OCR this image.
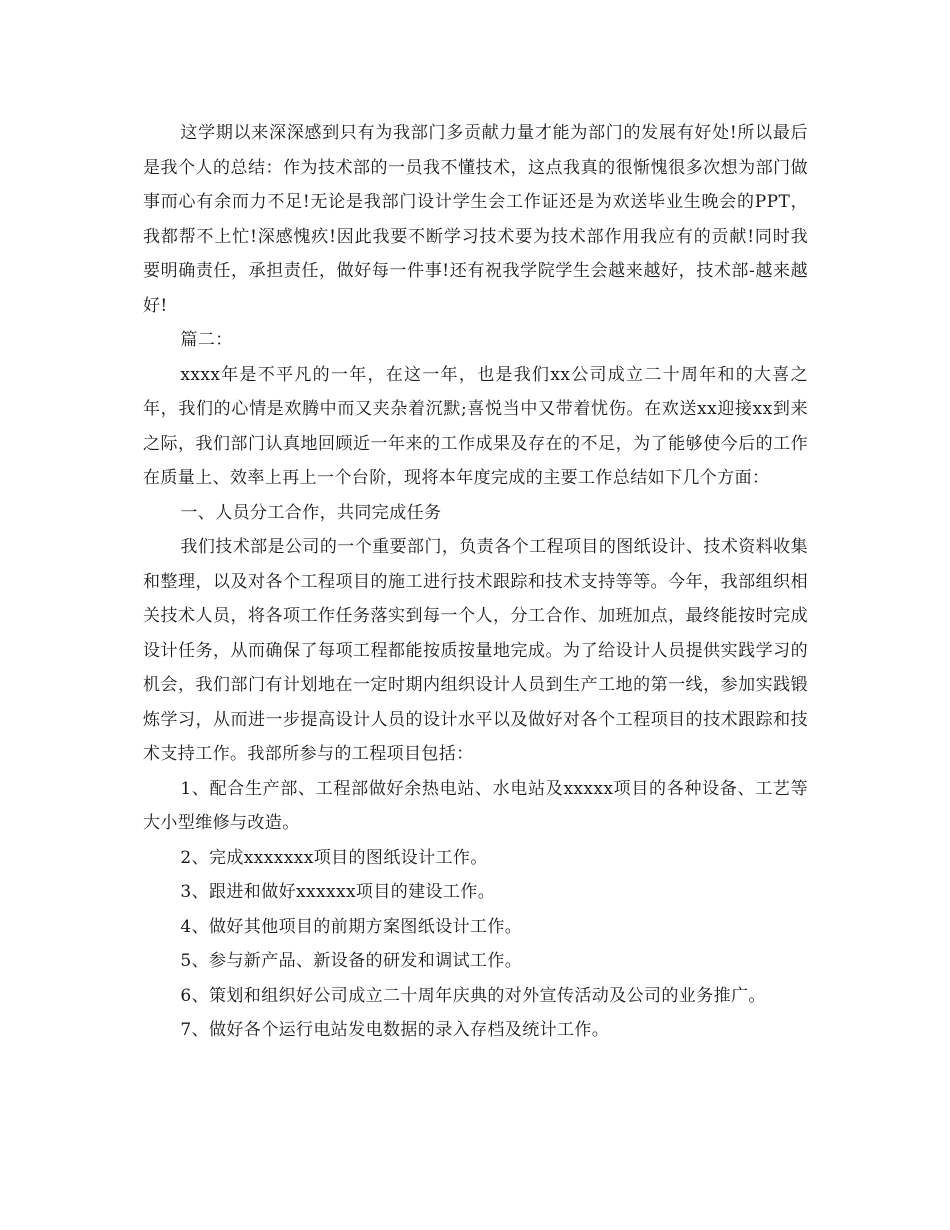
这学期以来深深感到只有为我部门多贡献力量才能为部门的发展有好处!所以最后是我个人的总结：作为技术部的一员我不懂技术，这点我真的很惭愧很多次想为部门做事而心有余而力不足!无论是我部门设计学生会工作证还是为欢送毕业生晚会的PPT，我都帮不上忙!深感愧疚!因此我要不断学习技术要为技术部作用我应有的贡献!同时我要明确责任，承担责任，做好每一件事!还有祝我学院学生会越来越好，技术部-越来越好!

篇二：

xxxx年是不平凡的一年，在这一年，也是我们xx公司成立二十周年和的大喜之年，我们的心情是欢腾中而又夹杂着沉默;喜悦当中又带着忧伤。在欢送xx迎接xx到来之际，我们部门认真地回顾近一年来的工作成果及存在的不足，为了能够使今后的工作在质量上、效率上再上一个台阶，现将本年度完成的主要工作总结如下几个方面：

一、人员分工合作，共同完成任务

我们技术部是公司的一个重要部门，负责各个工程项目的图纸设计、技术资料收集和整理，以及对各个工程项目的施工进行技术跟踪和技术支持等等。今年，我部组织相关技术人员，将各项工作任务落实到每一个人，分工合作、加班加点，最终能按时完成设计任务，从而确保了每项工程都能按质按量地完成。为了给设计人员提供实践学习的机会，我们部门有计划地在一定时期内组织设计人员到生产工地的第一线，参加实践锻炼学习，从而进一步提高设计人员的设计水平以及做好对各个工程项目的技术跟踪和技术支持工作。我部所参与的工程项目包括：

1、配合生产部、工程部做好余热电站、水电站及xxxxx项目的各种设备、工艺等大小型维修与改造。

2、完成xxxxxxx项目的图纸设计工作。

3、跟进和做好xxxxxx项目的建设工作。

4、做好其他项目的前期方案图纸设计工作。

5、参与新产品、新设备的研发和调试工作。

6、策划和组织好公司成立二十周年庆典的对外宣传活动及公司的业务推广。

7、做好各个运行电站发电数据的录入存档及统计工作。
